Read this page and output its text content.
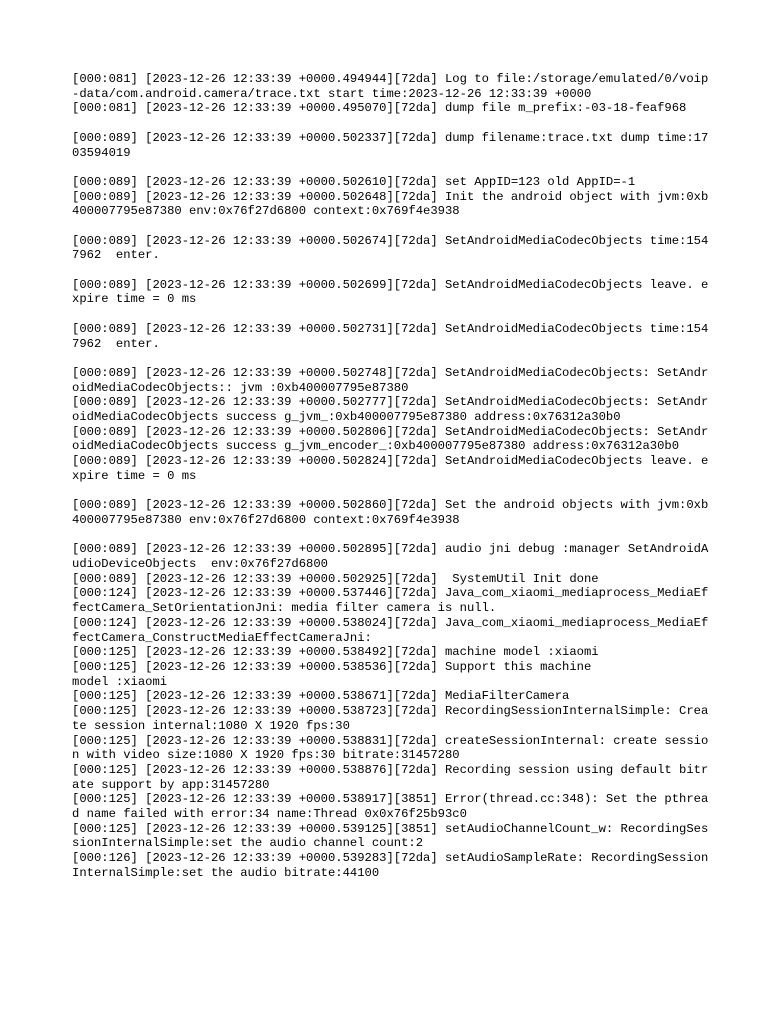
[000:081] [2023-12-26 12:33:39 +0000.494944][72da] Log to file:/storage/emulated/0/voip-data/com.android.camera/trace.txt start time:2023-12-26 12:33:39 +0000

[000:081] [2023-12-26 12:33:39 +0000.495070][72da] dump file m_prefix:-03-18-feaf968

[000:089] [2023-12-26 12:33:39 +0000.502337][72da] dump filename:trace.txt dump time:1703594019

[000:089] [2023-12-26 12:33:39 +0000.502610][72da] set AppID=123 old AppID=-1

[000:089] [2023-12-26 12:33:39 +0000.502648][72da] Init the android object with jvm:0xb400007795e87380 env:0x76f27d6800 context:0x769f4e3938

[000:089] [2023-12-26 12:33:39 +0000.502674][72da] SetAndroidMediaCodecObjects time:1547962  enter.

[000:089] [2023-12-26 12:33:39 +0000.502699][72da] SetAndroidMediaCodecObjects leave. expire time = 0 ms

[000:089] [2023-12-26 12:33:39 +0000.502731][72da] SetAndroidMediaCodecObjects time:1547962  enter.

[000:089] [2023-12-26 12:33:39 +0000.502748][72da] SetAndroidMediaCodecObjects: SetAndroidMediaCodecObjects:: jvm :0xb400007795e87380

[000:089] [2023-12-26 12:33:39 +0000.502777][72da] SetAndroidMediaCodecObjects: SetAndroidMediaCodecObjects success g_jvm_:0xb400007795e87380 address:0x76312a30b0

[000:089] [2023-12-26 12:33:39 +0000.502806][72da] SetAndroidMediaCodecObjects: SetAndroidMediaCodecObjects success g_jvm_encoder_:0xb400007795e87380 address:0x76312a30b0

[000:089] [2023-12-26 12:33:39 +0000.502824][72da] SetAndroidMediaCodecObjects leave. expire time = 0 ms

[000:089] [2023-12-26 12:33:39 +0000.502860][72da] Set the android objects with jvm:0xb400007795e87380 env:0x76f27d6800 context:0x769f4e3938

[000:089] [2023-12-26 12:33:39 +0000.502895][72da] audio jni debug :manager SetAndroidAudioDeviceObjects  env:0x76f27d6800

[000:089] [2023-12-26 12:33:39 +0000.502925][72da]  SystemUtil Init done

[000:124] [2023-12-26 12:33:39 +0000.537446][72da] Java_com_xiaomi_mediaprocess_MediaEffectCamera_SetOrientationJni: media filter camera is null.

[000:124] [2023-12-26 12:33:39 +0000.538024][72da] Java_com_xiaomi_mediaprocess_MediaEffectCamera_ConstructMediaEffectCameraJni:

[000:125] [2023-12-26 12:33:39 +0000.538492][72da] machine model :xiaomi

[000:125] [2023-12-26 12:33:39 +0000.538536][72da] Support this machine
model :xiaomi

[000:125] [2023-12-26 12:33:39 +0000.538671][72da] MediaFilterCamera

[000:125] [2023-12-26 12:33:39 +0000.538723][72da] RecordingSessionInternalSimple: Create session internal:1080 X 1920 fps:30

[000:125] [2023-12-26 12:33:39 +0000.538831][72da] createSessionInternal: create session with video size:1080 X 1920 fps:30 bitrate:31457280

[000:125] [2023-12-26 12:33:39 +0000.538876][72da] Recording session using default bitrate support by app:31457280

[000:125] [2023-12-26 12:33:39 +0000.538917][3851] Error(thread.cc:348): Set the pthread name failed with error:34 name:Thread 0x0x76f25b93c0

[000:125] [2023-12-26 12:33:39 +0000.539125][3851] setAudioChannelCount_w: RecordingSessionInternalSimple:set the audio channel count:2

[000:126] [2023-12-26 12:33:39 +0000.539283][72da] setAudioSampleRate: RecordingSessionInternalSimple:set the audio bitrate:44100
